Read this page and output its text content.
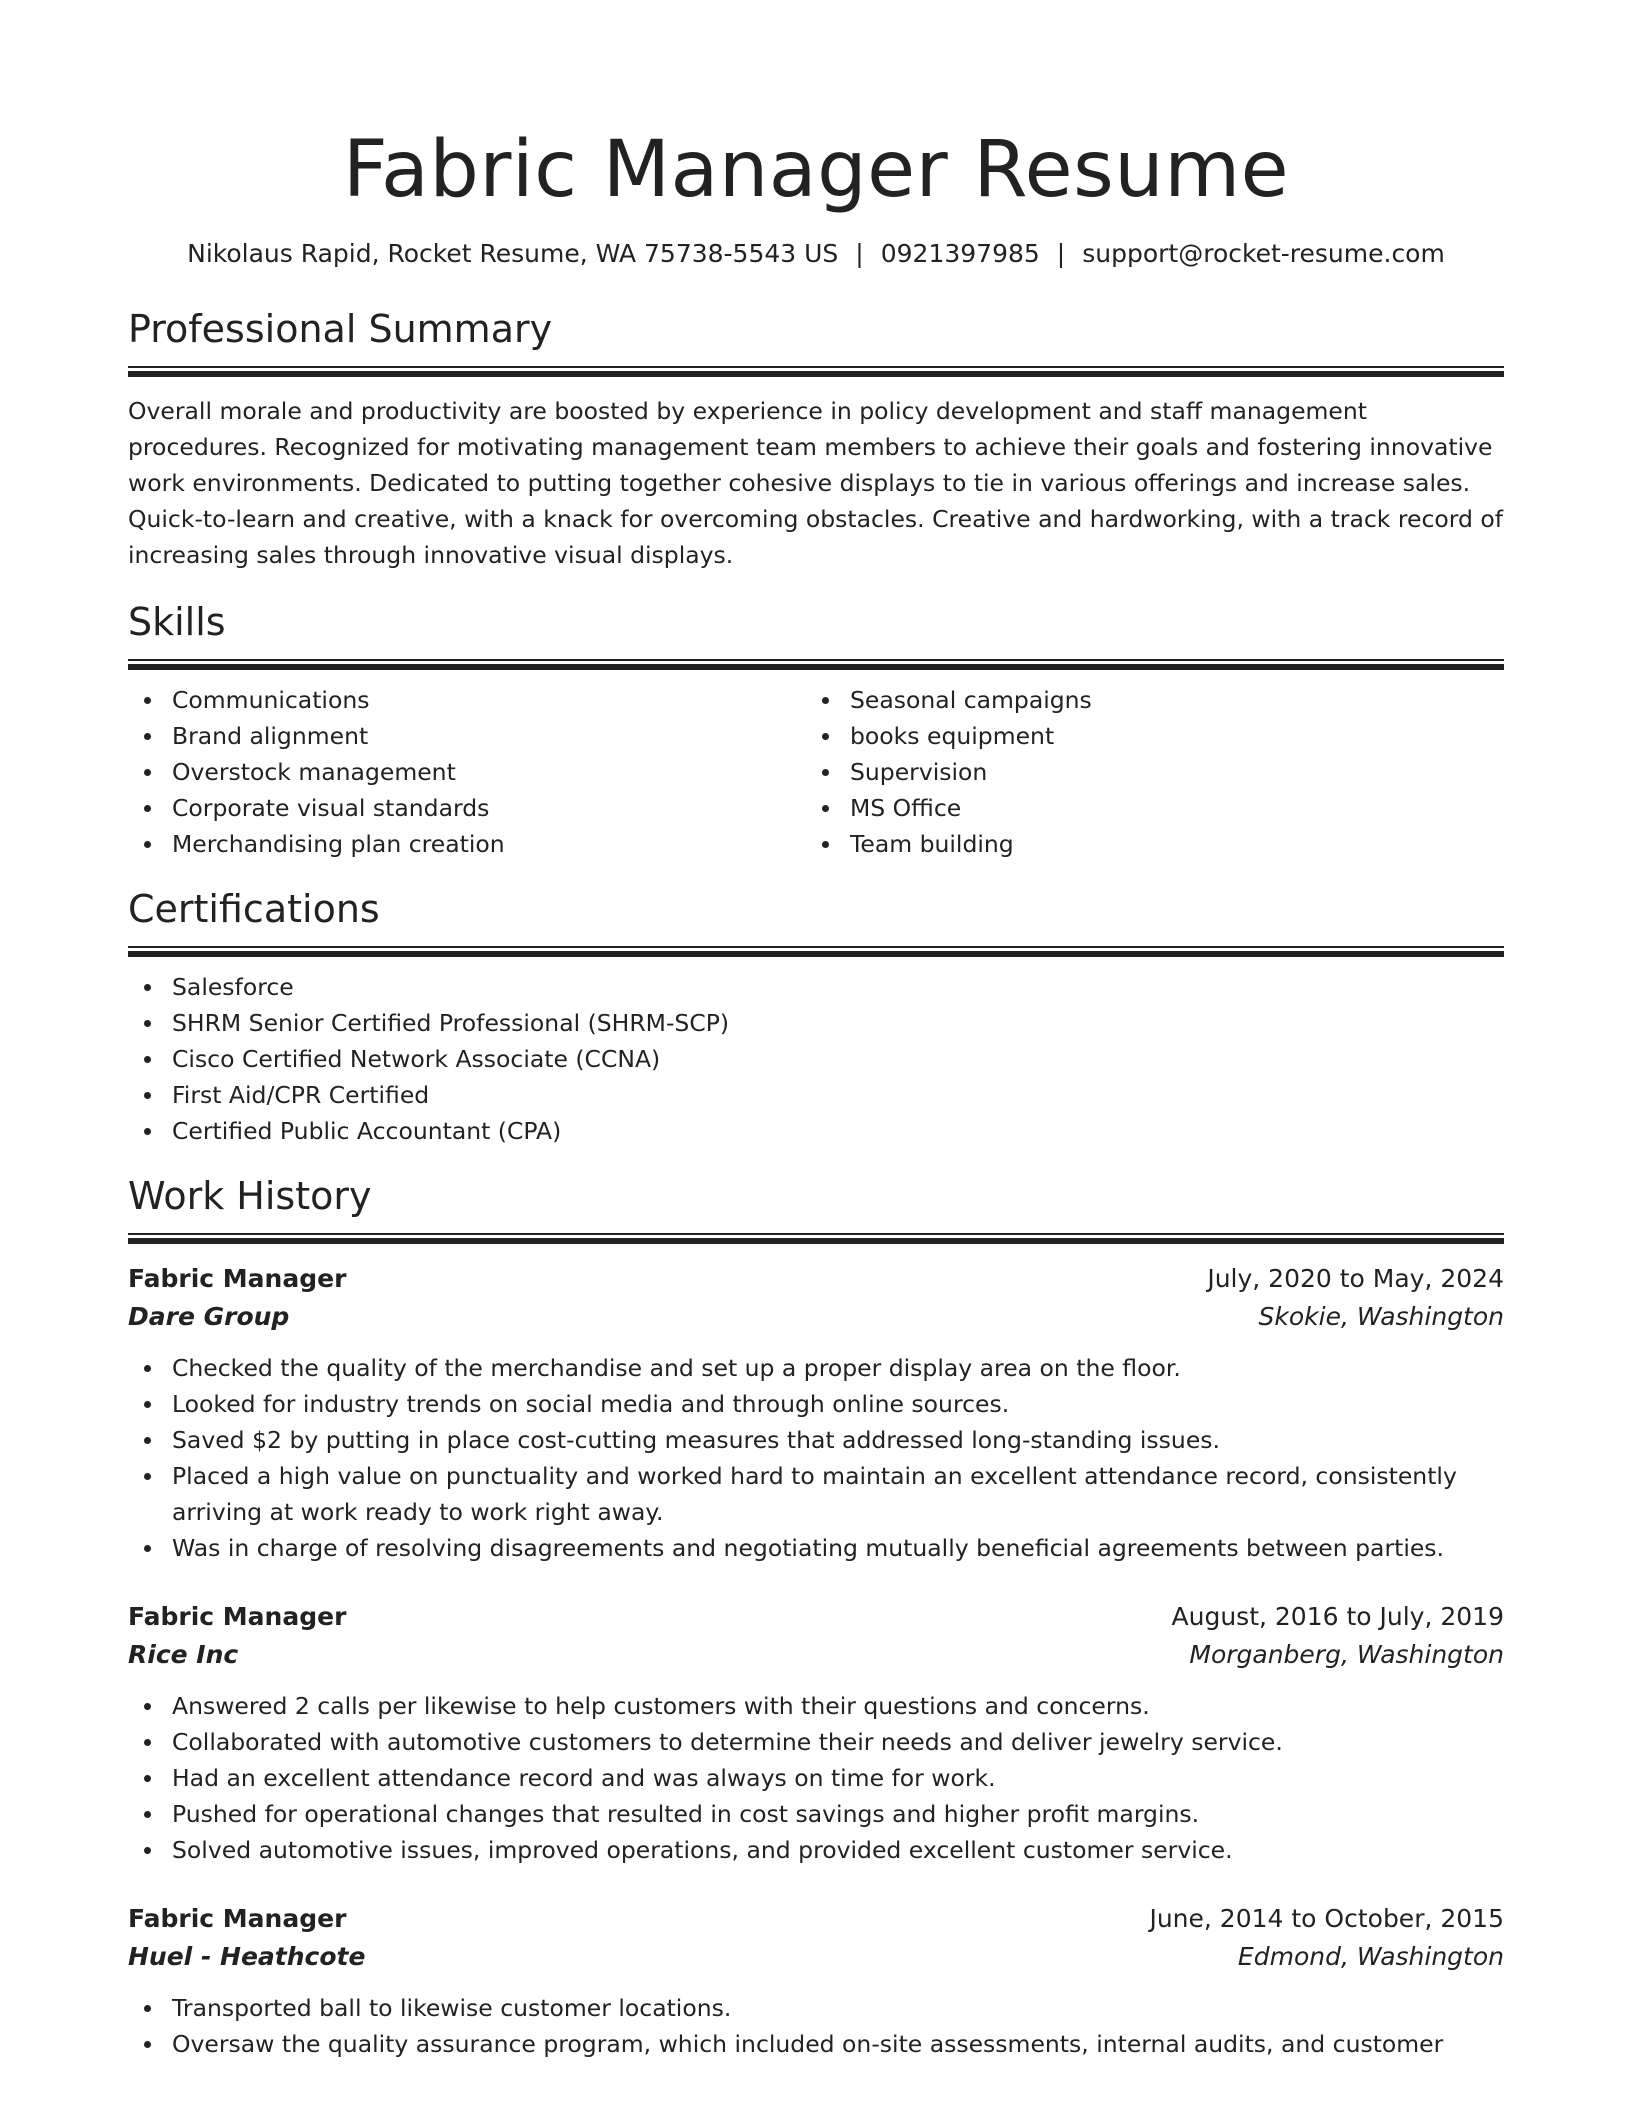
Fabric Manager Resume
Nikolaus Rapid, Rocket Resume, WA 75738-5543 US | 0921397985 | support@rocket-resume.com
Professional Summary

Overall morale and productivity are boosted by experience in policy development and staff management procedures. Recognized for motivating management team members to achieve their goals and fostering innovative work environments. Dedicated to putting together cohesive displays to tie in various offerings and increase sales. Quick-to-learn and creative, with a knack for overcoming obstacles. Creative and hardworking, with a track record of increasing sales through innovative visual displays.

Skills
Communications
Brand alignment
Overstock management
Corporate visual standards
Merchandising plan creation
Seasonal campaigns
books equipment
Supervision
MS Office
Team building
Certifications
Salesforce
SHRM Senior Certified Professional (SHRM-SCP)
Cisco Certified Network Associate (CCNA)
First Aid/CPR Certified
Certified Public Accountant (CPA)
Work History
Fabric Manager	July, 2020 to May, 2024
Dare Group	Skokie, Washington
Checked the quality of the merchandise and set up a proper display area on the floor.
Looked for industry trends on social media and through online sources.
Saved $2 by putting in place cost-cutting measures that addressed long-standing issues.
Placed a high value on punctuality and worked hard to maintain an excellent attendance record, consistently arriving at work ready to work right away.
Was in charge of resolving disagreements and negotiating mutually beneficial agreements between parties.
Fabric Manager	August, 2016 to July, 2019
Rice Inc	Morganberg, Washington
Answered 2 calls per likewise to help customers with their questions and concerns.
Collaborated with automotive customers to determine their needs and deliver jewelry service.
Had an excellent attendance record and was always on time for work.
Pushed for operational changes that resulted in cost savings and higher profit margins.
Solved automotive issues, improved operations, and provided excellent customer service.
Fabric Manager	June, 2014 to October, 2015
Huel - Heathcote	Edmond, Washington
Transported ball to likewise customer locations.
Oversaw the quality assurance program, which included on-site assessments, internal audits, and customer
